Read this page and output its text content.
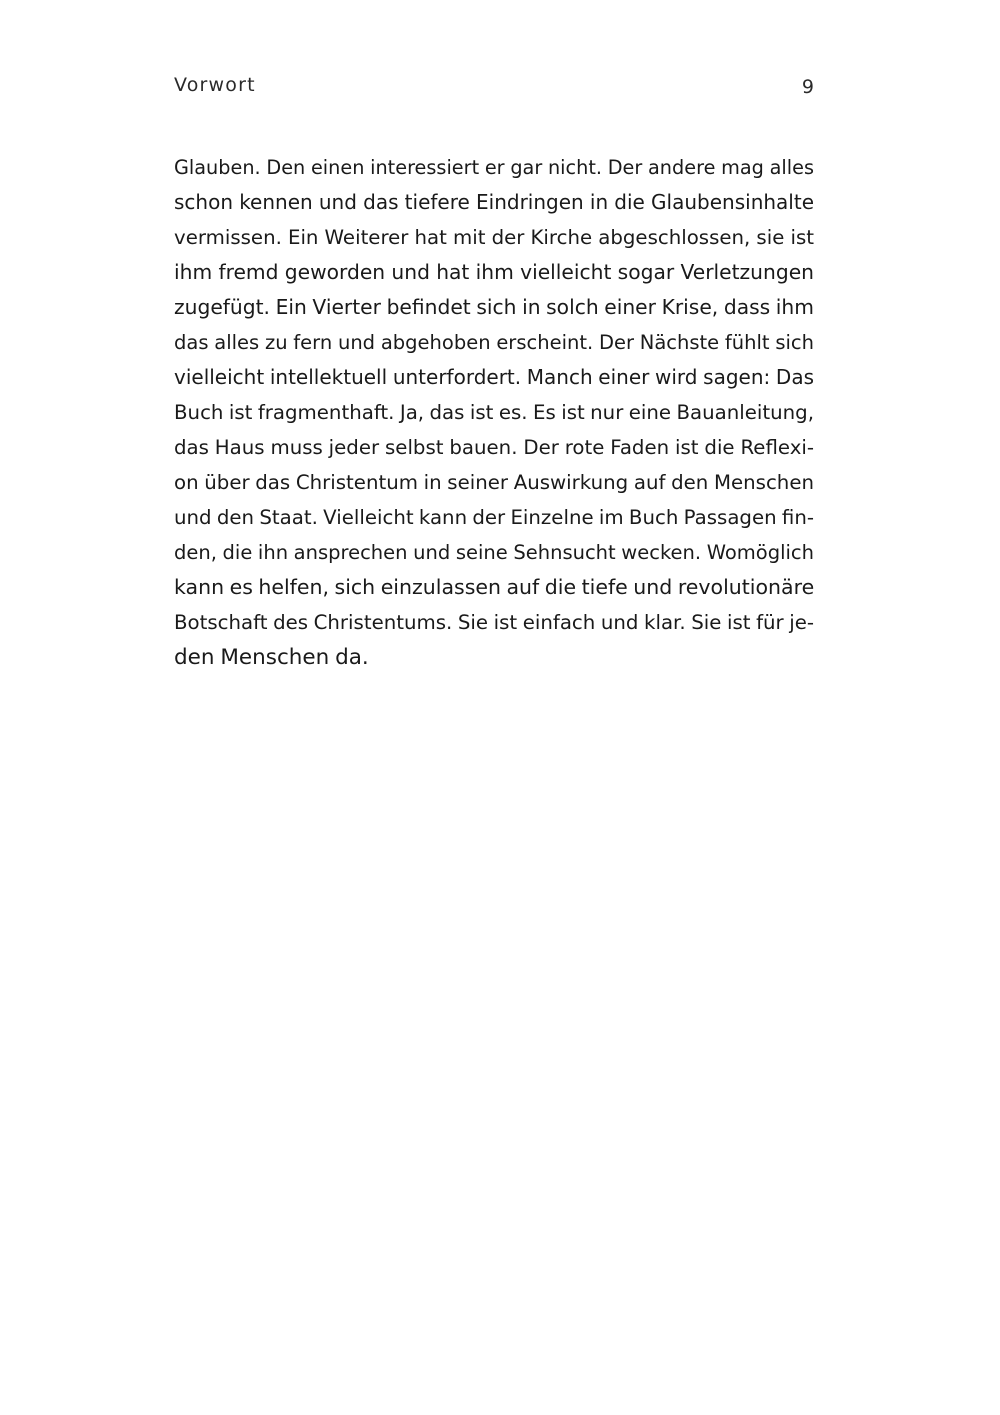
Vorwort	9
Glauben. Den einen interessiert er gar nicht. Der andere mag alles
schon kennen und das tiefere Eindringen in die Glaubensinhalte
vermissen. Ein Weiterer hat mit der Kirche abgeschlossen, sie ist
ihm fremd geworden und hat ihm vielleicht sogar Verletzungen
zugefügt. Ein Vierter befindet sich in solch einer Krise, dass ihm
das alles zu fern und abgehoben erscheint. Der Nächste fühlt sich
vielleicht intellektuell unterfordert. Manch einer wird sagen: Das
Buch ist fragmenthaft. Ja, das ist es. Es ist nur eine Bauanleitung,
das Haus muss jeder selbst bauen. Der rote Faden ist die Reflexi-
on über das Christentum in seiner Auswirkung auf den Menschen
und den Staat. Vielleicht kann der Einzelne im Buch Passagen fin-
den, die ihn ansprechen und seine Sehnsucht wecken. Womöglich
kann es helfen, sich einzulassen auf die tiefe und revolutionäre
Botschaft des Christentums. Sie ist einfach und klar. Sie ist für je-
den Menschen da.
